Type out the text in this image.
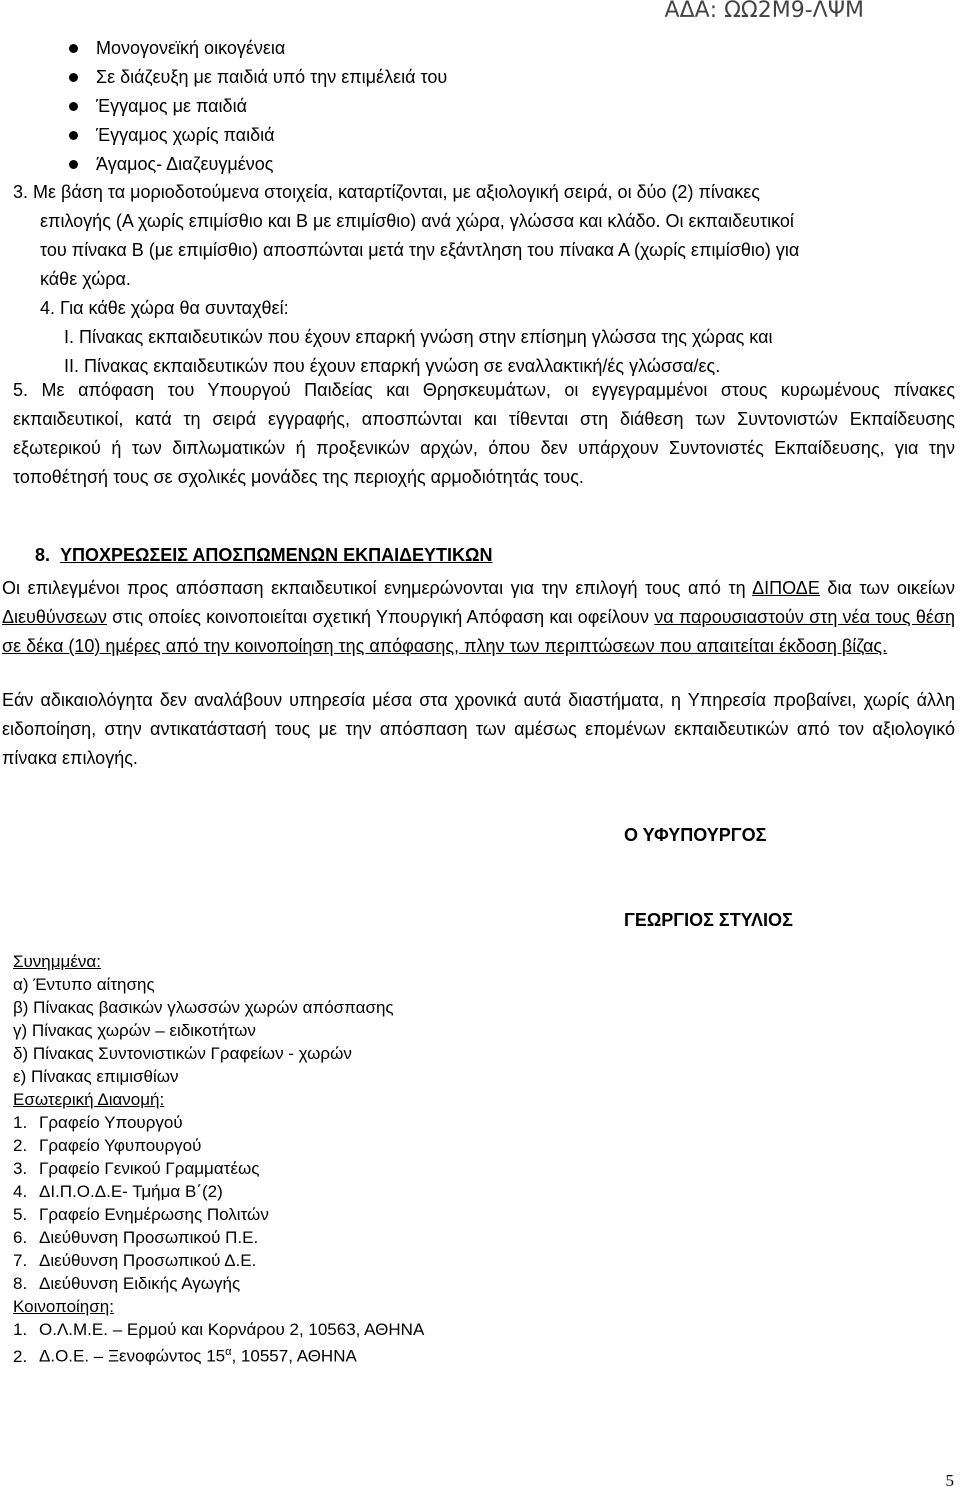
ΑΔΑ: ΩΩ2Μ9-ΛΨΜ
Μονογονεϊκή οικογένεια
Σε διάζευξη με παιδιά υπό την επιμέλειά του
Έγγαμος με παιδιά
Έγγαμος χωρίς παιδιά
Άγαμος- Διαζευγμένος
3. Με βάση τα μοριοδοτούμενα στοιχεία, καταρτίζονται, με αξιολογική σειρά, οι δύο (2) πίνακες
επιλογής (Α χωρίς επιμίσθιο και Β με επιμίσθιο) ανά χώρα, γλώσσα και κλάδο. Οι εκπαιδευτικοί
του πίνακα Β (με επιμίσθιο) αποσπώνται μετά την εξάντληση του πίνακα Α (χωρίς επιμίσθιο) για
κάθε χώρα.
4. Για κάθε χώρα θα συνταχθεί:
Ι. Πίνακας εκπαιδευτικών που έχουν επαρκή γνώση στην επίσημη γλώσσα της χώρας και
ΙΙ. Πίνακας εκπαιδευτικών που έχουν επαρκή γνώση σε εναλλακτική/ές γλώσσα/ες.
5. Με απόφαση του Υπουργού Παιδείας και Θρησκευμάτων, οι εγγεγραμμένοι στους κυρωμένους πίνακες εκπαιδευτικοί, κατά τη σειρά εγγραφής, αποσπώνται και τίθενται στη διάθεση των Συντονιστών Εκπαίδευσης εξωτερικού ή των διπλωματικών ή προξενικών αρχών, όπου δεν υπάρχουν Συντονιστές Εκπαίδευσης, για την τοποθέτησή τους σε σχολικές μονάδες της περιοχής αρμοδιότητάς τους.
8. ΥΠΟΧΡΕΩΣΕΙΣ ΑΠΟΣΠΩΜΕΝΩΝ ΕΚΠΑΙΔΕΥΤΙΚΩΝ
Οι επιλεγμένοι προς απόσπαση εκπαιδευτικοί ενημερώνονται για την επιλογή τους από τη ΔΙΠΟΔΕ δια των οικείων Διευθύνσεων στις οποίες κοινοποιείται σχετική Υπουργική Απόφαση και οφείλουν να παρουσιαστούν στη νέα τους θέση σε δέκα (10) ημέρες από την κοινοποίηση της απόφασης, πλην των περιπτώσεων που απαιτείται έκδοση βίζας.
Εάν αδικαιολόγητα δεν αναλάβουν υπηρεσία μέσα στα χρονικά αυτά διαστήματα, η Υπηρεσία προβαίνει, χωρίς άλλη ειδοποίηση, στην αντικατάστασή τους με την απόσπαση των αμέσως επομένων εκπαιδευτικών από τον αξιολογικό πίνακα επιλογής.
Ο ΥΦΥΠΟΥΡΓΟΣ
ΓΕΩΡΓΙΟΣ ΣΤΥΛΙΟΣ
Συνημμένα:
α) Έντυπο αίτησης
β) Πίνακας βασικών γλωσσών χωρών απόσπασης
γ) Πίνακας χωρών – ειδικοτήτων
δ) Πίνακας Συντονιστικών Γραφείων - χωρών
ε) Πίνακας επιμισθίων
Εσωτερική Διανομή:
1. Γραφείο Υπουργού
2. Γραφείο Υφυπουργού
3. Γραφείο Γενικού Γραμματέως
4. ΔΙ.Π.Ο.Δ.Ε- Τμήμα Β΄(2)
5. Γραφείο Ενημέρωσης Πολιτών
6. Διεύθυνση Προσωπικού Π.Ε.
7. Διεύθυνση Προσωπικού Δ.Ε.
8. Διεύθυνση Ειδικής Αγωγής
Κοινοποίηση:
1. Ο.Λ.Μ.Ε. – Ερμού και Κορνάρου 2, 10563, ΑΘΗΝΑ
2. Δ.Ο.Ε. – Ξενοφώντος $15^\alpha$, 10557, ΑΘΗΝΑ
5
